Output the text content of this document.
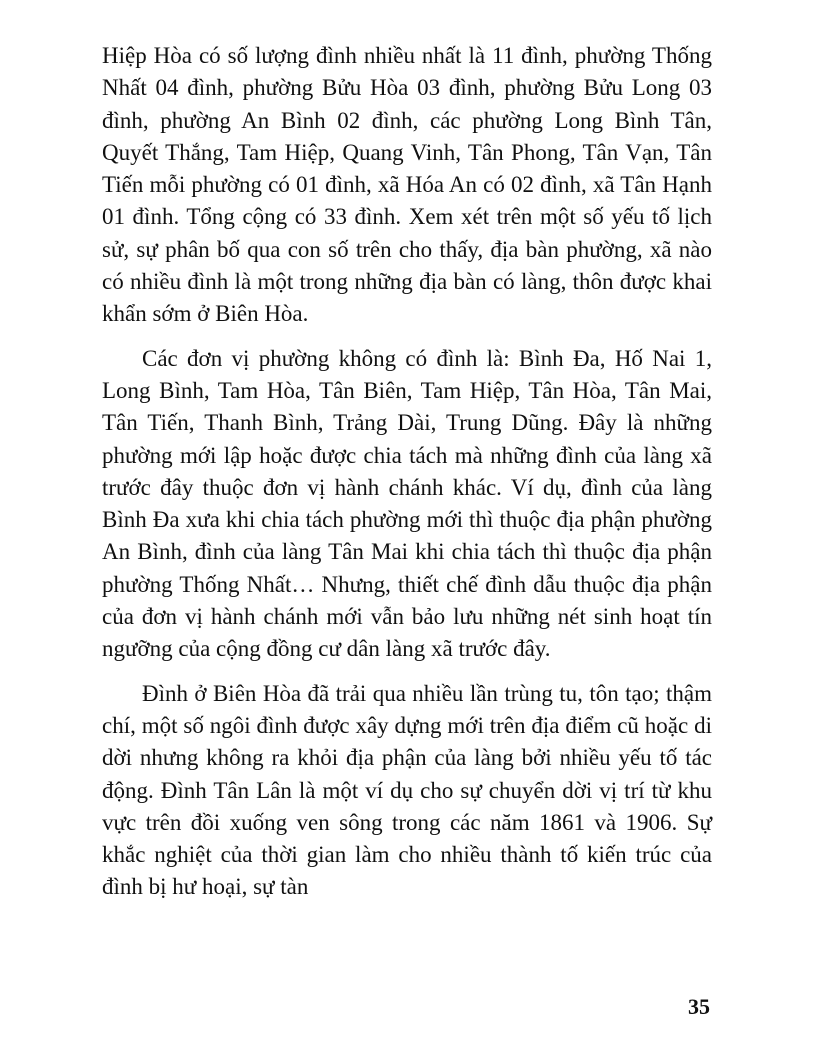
Hiệp Hòa có số lượng đình nhiều nhất là 11 đình, phường Thống Nhất 04 đình, phường Bửu Hòa 03 đình, phường Bửu Long 03 đình, phường An Bình 02 đình, các phường Long Bình Tân, Quyết Thắng, Tam Hiệp, Quang Vinh, Tân Phong, Tân Vạn, Tân Tiến mỗi phường có 01 đình, xã Hóa An có 02 đình, xã Tân Hạnh 01 đình. Tổng cộng có 33 đình. Xem xét trên một số yếu tố lịch sử, sự phân bố qua con số trên cho thấy, địa bàn phường, xã nào có nhiều đình là một trong những địa bàn có làng, thôn được khai khẩn sớm ở Biên Hòa.

Các đơn vị phường không có đình là: Bình Đa, Hố Nai 1, Long Bình, Tam Hòa, Tân Biên, Tam Hiệp, Tân Hòa, Tân Mai, Tân Tiến, Thanh Bình, Trảng Dài, Trung Dũng. Đây là những phường mới lập hoặc được chia tách mà những đình của làng xã trước đây thuộc đơn vị hành chánh khác. Ví dụ, đình của làng Bình Đa xưa khi chia tách phường mới thì thuộc địa phận phường An Bình, đình của làng Tân Mai khi chia tách thì thuộc địa phận phường Thống Nhất… Nhưng, thiết chế đình dẫu thuộc địa phận của đơn vị hành chánh mới vẫn bảo lưu những nét sinh hoạt tín ngưỡng của cộng đồng cư dân làng xã trước đây.

Đình ở Biên Hòa đã trải qua nhiều lần trùng tu, tôn tạo; thậm chí, một số ngôi đình được xây dựng mới trên địa điểm cũ hoặc di dời nhưng không ra khỏi địa phận của làng bởi nhiều yếu tố tác động. Đình Tân Lân là một ví dụ cho sự chuyển dời vị trí từ khu vực trên đồi xuống ven sông trong các năm 1861 và 1906. Sự khắc nghiệt của thời gian làm cho nhiều thành tố kiến trúc của đình bị hư hoại, sự tàn

35
